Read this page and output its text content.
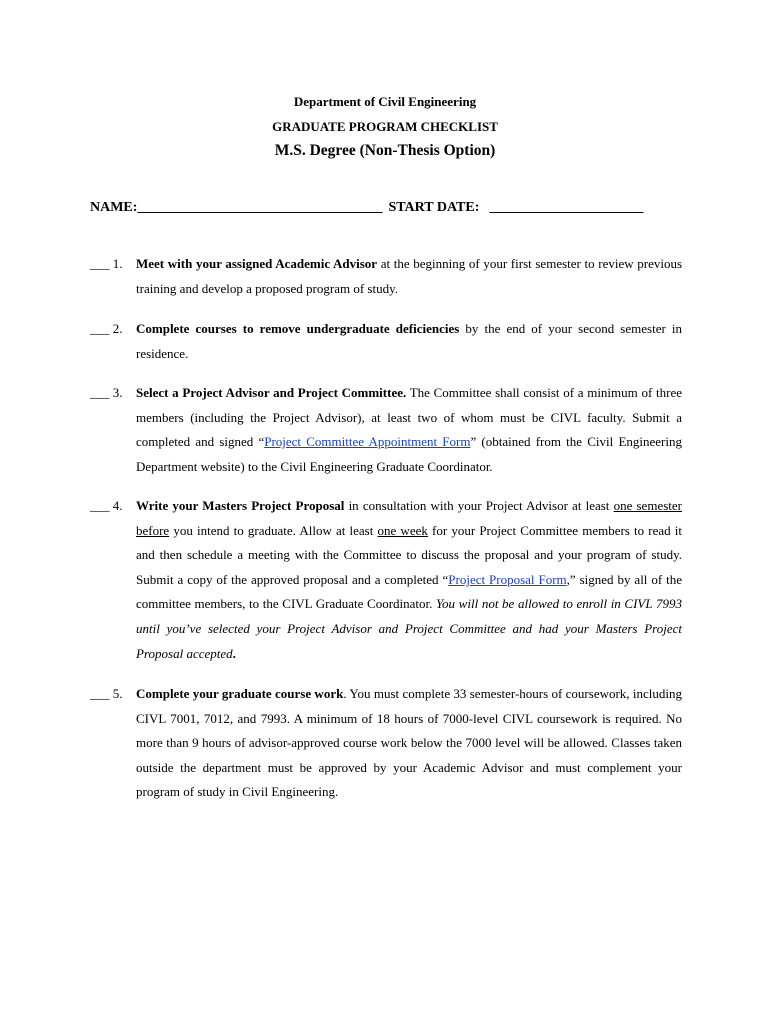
Department of Civil Engineering
GRADUATE PROGRAM CHECKLIST
M.S. Degree (Non-Thesis Option)
NAME:___________________________________ START DATE: ______________________
___ 1.	Meet with your assigned Academic Advisor at the beginning of your first semester to review previous training and develop a proposed program of study.
___ 2.	Complete courses to remove undergraduate deficiencies by the end of your second semester in residence.
___ 3.	Select a Project Advisor and Project Committee. The Committee shall consist of a minimum of three members (including the Project Advisor), at least two of whom must be CIVL faculty. Submit a completed and signed “Project Committee Appointment Form” (obtained from the Civil Engineering Department website) to the Civil Engineering Graduate Coordinator.
___ 4.	Write your Masters Project Proposal in consultation with your Project Advisor at least one semester before you intend to graduate. Allow at least one week for your Project Committee members to read it and then schedule a meeting with the Committee to discuss the proposal and your program of study. Submit a copy of the approved proposal and a completed “Project Proposal Form,” signed by all of the committee members, to the CIVL Graduate Coordinator. You will not be allowed to enroll in CIVL 7993 until you’ve selected your Project Advisor and Project Committee and had your Masters Project Proposal accepted.
___ 5.	Complete your graduate course work. You must complete 33 semester-hours of coursework, including CIVL 7001, 7012, and 7993. A minimum of 18 hours of 7000-level CIVL coursework is required. No more than 9 hours of advisor-approved course work below the 7000 level will be allowed. Classes taken outside the department must be approved by your Academic Advisor and must complement your program of study in Civil Engineering.
